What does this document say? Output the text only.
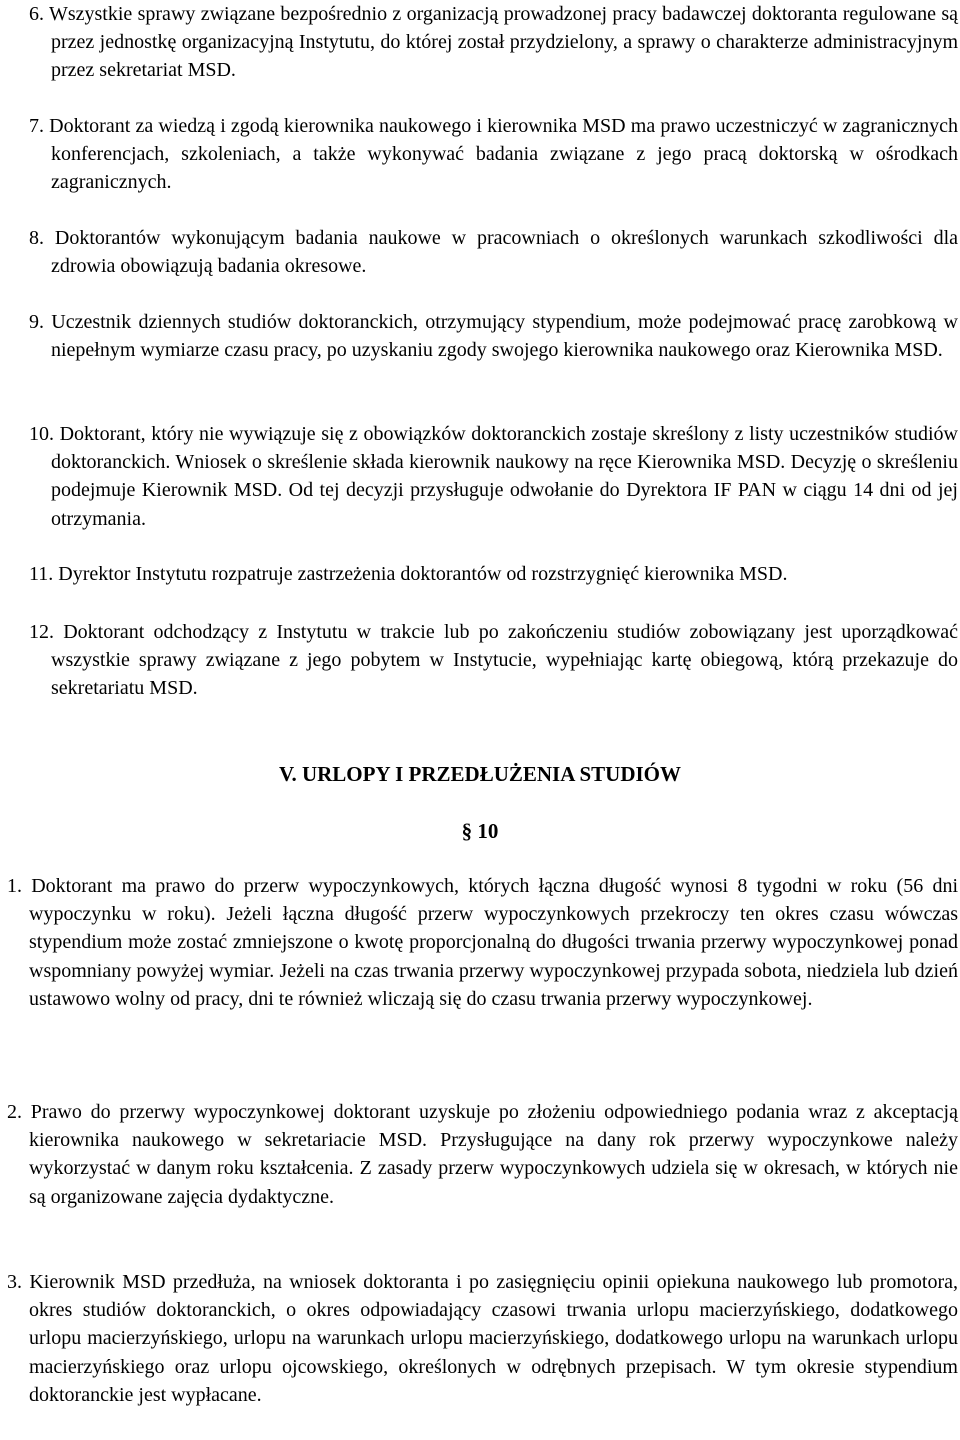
6. Wszystkie sprawy związane bezpośrednio z organizacją prowadzonej pracy badawczej doktoranta regulowane są przez jednostkę organizacyjną Instytutu, do której został przydzielony, a sprawy o charakterze administracyjnym przez sekretariat MSD.

7. Doktorant za wiedzą i zgodą kierownika naukowego i kierownika MSD ma prawo uczestniczyć w zagranicznych konferencjach, szkoleniach, a także wykonywać badania związane z jego pracą doktorską w ośrodkach zagranicznych.

8. Doktorantów wykonującym badania naukowe w pracowniach o określonych warunkach szkodliwości dla zdrowia obowiązują badania okresowe.

9. Uczestnik dziennych studiów doktoranckich, otrzymujący stypendium, może podejmować pracę zarobkową w niepełnym wymiarze czasu pracy, po uzyskaniu zgody swojego kierownika naukowego oraz Kierownika MSD.

10. Doktorant, który nie wywiązuje się z obowiązków doktoranckich zostaje skreślony z listy uczestników studiów doktoranckich. Wniosek o skreślenie składa kierownik naukowy na ręce Kierownika MSD. Decyzję o skreśleniu podejmuje Kierownik MSD. Od tej decyzji przysługuje odwołanie do Dyrektora IF PAN w ciągu 14 dni od jej otrzymania.

11. Dyrektor Instytutu rozpatruje zastrzeżenia doktorantów od rozstrzygnięć kierownika MSD.

12. Doktorant odchodzący z Instytutu w trakcie lub po zakończeniu studiów zobowiązany jest uporządkować wszystkie sprawy związane z jego pobytem w Instytucie, wypełniając kartę obiegową, którą przekazuje do sekretariatu MSD.

V. URLOPY I PRZEDŁUŻENIA STUDIÓW
§ 10

1. Doktorant ma prawo do przerw wypoczynkowych, których łączna długość wynosi 8 tygodni w roku (56 dni wypoczynku w roku). Jeżeli łączna długość przerw wypoczynkowych przekroczy ten okres czasu wówczas stypendium może zostać zmniejszone o kwotę proporcjonalną do długości trwania przerwy wypoczynkowej ponad wspomniany powyżej wymiar. Jeżeli na czas trwania przerwy wypoczynkowej przypada sobota, niedziela lub dzień ustawowo wolny od pracy, dni te również wliczają się do czasu trwania przerwy wypoczynkowej.

2. Prawo do przerwy wypoczynkowej doktorant uzyskuje po złożeniu odpowiedniego podania wraz z akceptacją kierownika naukowego w sekretariacie MSD. Przysługujące na dany rok przerwy wypoczynkowe należy wykorzystać w danym roku kształcenia. Z zasady przerw wypoczynkowych udziela się w okresach, w których nie są organizowane zajęcia dydaktyczne.

3. Kierownik MSD przedłuża, na wniosek doktoranta i po zasięgnięciu opinii opiekuna naukowego lub promotora, okres studiów doktoranckich, o okres odpowiadający czasowi trwania urlopu macierzyńskiego, dodatkowego urlopu macierzyńskiego, urlopu na warunkach urlopu macierzyńskiego, dodatkowego urlopu na warunkach urlopu macierzyńskiego oraz urlopu ojcowskiego, określonych w odrębnych przepisach. W tym okresie stypendium doktoranckie jest wypłacane.
